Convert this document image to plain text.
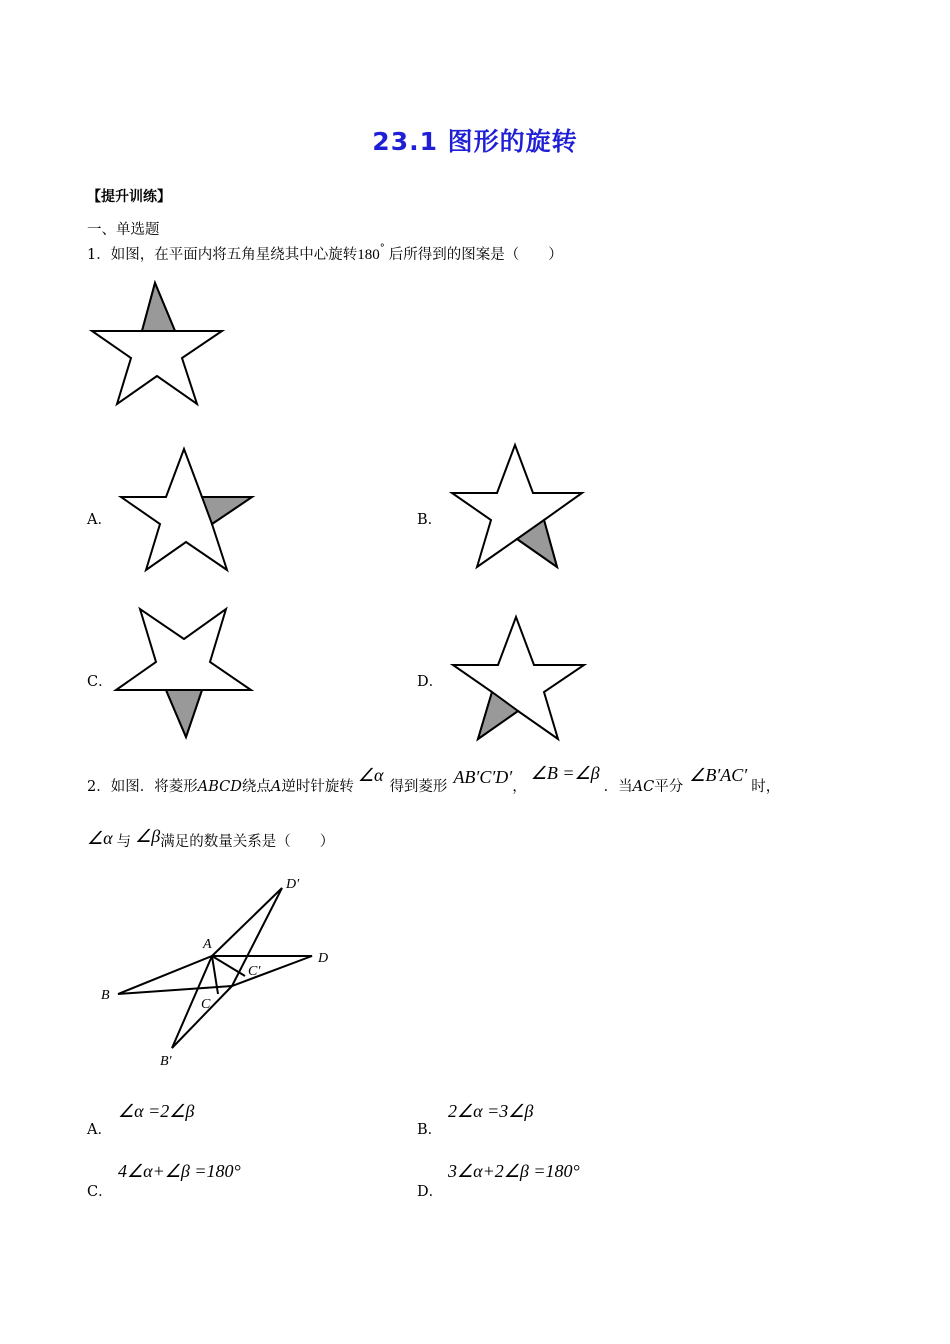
23.1 图形的旋转
【提升训练】
一、单选题
1．如图，在平面内将五角星绕其中心旋转180° 后所得到的图案是（　　）
A．	B．
C．	D．
2．如图．将菱形ABCD绕点A逆时针旋转∠α得到菱形 AB′C′D′，∠B =∠β．当AC平分∠B′AC′时，
∠α 与 ∠β满足的数量关系是（　　）
A
B
C
D
B′
C′
D′
A．
∠α =2∠β
B．
2∠α =3∠β
C．
4∠α+∠β =180°
D．
3∠α+2∠β =180°
